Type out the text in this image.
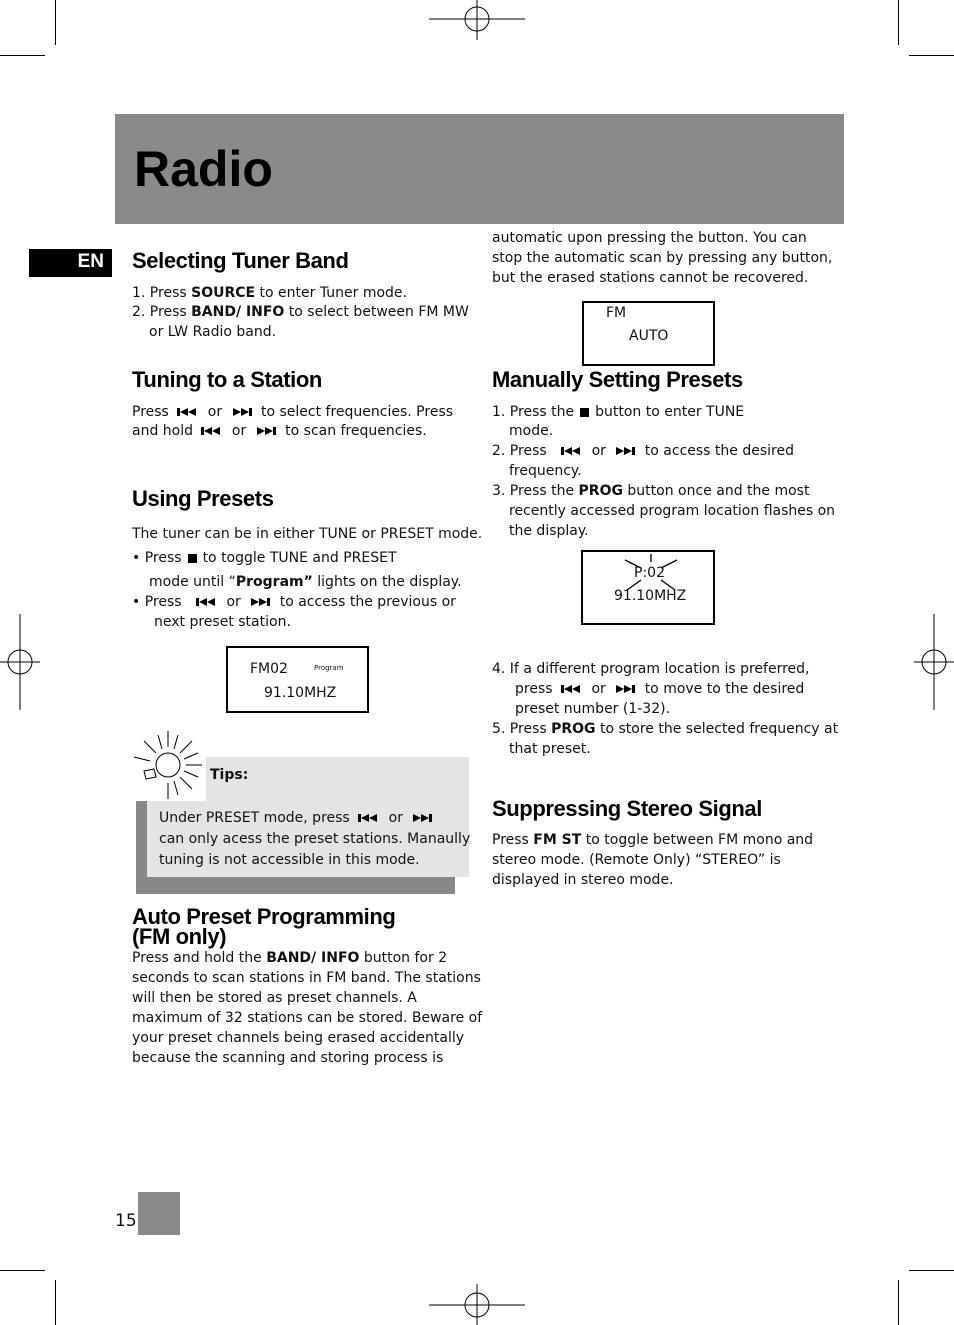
Radio
EN Selecting Tuner Band
1. Press SOURCE to enter Tuner mode.
2. Press BAND/ INFO to select between FM MW
or LW Radio band.
Tuning to a Station
Press	or	to select frequencies. Press
and hold	or	to scan frequencies.
Using Presets
The tuner can be in either TUNE or PRESET mode.
• Press to toggle TUNE and PRESET
mode until “Program” lights on the display.
• Press	or	to access the previous or
next preset station.
FM02	Program
91.10MHZ
Tips:
Under PRESET mode, press	or
can only acess the preset stations. Manaully
tuning is not accessible in this mode.
Auto Preset Programming
(FM only)
Press and hold the BAND/ INFO button for 2
seconds to scan stations in FM band. The stations
will then be stored as preset channels. A
maximum of 32 stations can be stored. Beware of
your preset channels being erased accidentally
because the scanning and storing process is
automatic upon pressing the button. You can
stop the automatic scan by pressing any button,
but the erased stations cannot be recovered.
FM
AUTO
Manually Setting Presets
1. Press the button to enter TUNE
mode.
2. Press	or	to access the desired
frequency.
3. Press the PROG button once and the most
recently accessed program location flashes on
the display.
P:02
91.10MHZ
4. If a different program location is preferred,
press	or	to move to the desired
preset number (1-32).
5. Press PROG to store the selected frequency at
that preset.
Suppressing Stereo Signal
Press FM ST to toggle between FM mono and
stereo mode. (Remote Only) “STEREO” is
displayed in stereo mode.
15
